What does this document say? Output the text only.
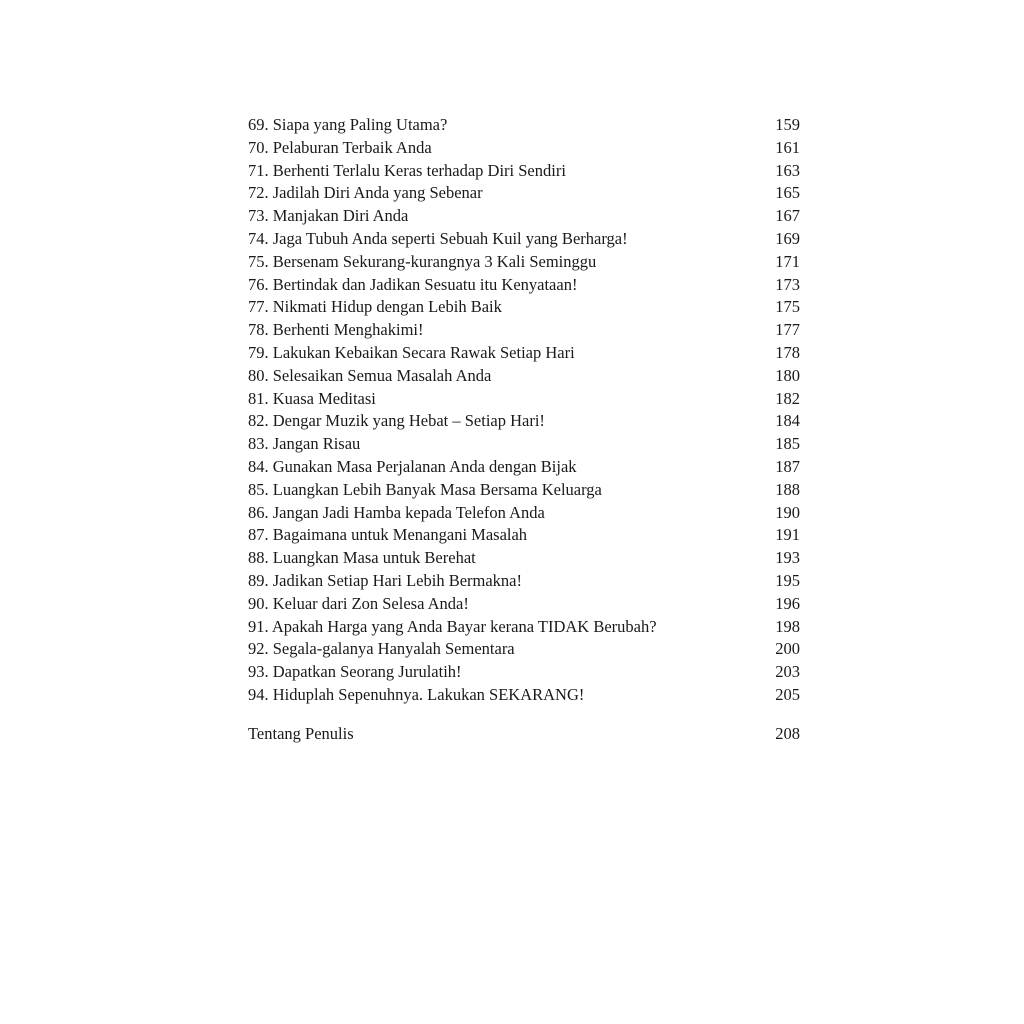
69. Siapa yang Paling Utama?	159
70. Pelaburan Terbaik Anda	161
71. Berhenti Terlalu Keras terhadap Diri Sendiri	163
72. Jadilah Diri Anda yang Sebenar	165
73. Manjakan Diri Anda	167
74. Jaga Tubuh Anda seperti Sebuah Kuil yang Berharga!	169
75. Bersenam Sekurang-kurangnya 3 Kali Seminggu	171
76. Bertindak dan Jadikan Sesuatu itu Kenyataan!	173
77. Nikmati Hidup dengan Lebih Baik	175
78. Berhenti Menghakimi!	177
79. Lakukan Kebaikan Secara Rawak Setiap Hari	178
80. Selesaikan Semua Masalah Anda	180
81. Kuasa Meditasi	182
82. Dengar Muzik yang Hebat – Setiap Hari!	184
83. Jangan Risau	185
84. Gunakan Masa Perjalanan Anda dengan Bijak	187
85. Luangkan Lebih Banyak Masa Bersama Keluarga	188
86. Jangan Jadi Hamba kepada Telefon Anda	190
87. Bagaimana untuk Menangani Masalah	191
88. Luangkan Masa untuk Berehat	193
89. Jadikan Setiap Hari Lebih Bermakna!	195
90. Keluar dari Zon Selesa Anda!	196
91. Apakah Harga yang Anda Bayar kerana TIDAK Berubah?	198
92. Segala-galanya Hanyalah Sementara	200
93. Dapatkan Seorang Jurulatih!	203
94. Hiduplah Sepenuhnya. Lakukan SEKARANG!	205
Tentang Penulis	208
